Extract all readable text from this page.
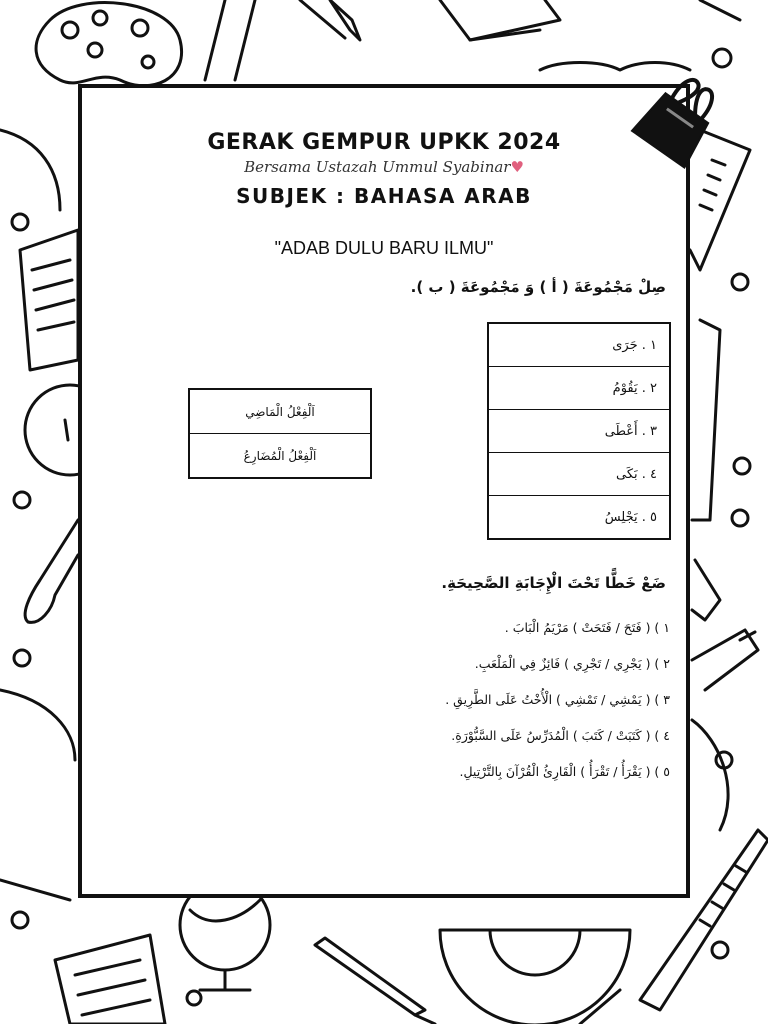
GERAK GEMPUR UPKK 2024
Bersama Ustazah Ummul Syabinar♥
SUBJEK : BAHASA ARAB
"ADAB DULU BARU ILMU"
صِلْ مَجْمُوعَةَ ( أ ) وَ مَجْمُوعَةَ ( ب ).
١ . جَرَى
٢ . يَقُوْمُ
٣ . أَعْطَى
٤ . بَكَى
٥ . يَجْلِسُ
اَلْفِعْلُ الْمَاضِي
اَلْفِعْلُ الْمُضَارِعُ
ضَعْ خَطًّا تَحْتَ الْإِجَابَةِ الصَّحِيحَةِ.
١ ) ( فَتَحَ / فَتَحَتْ ) مَرْيَمُ الْبَابَ .
٢ ) ( يَجْرِي / تَجْرِي ) فَائِزٌ فِي الْمَلْعَبِ.
٣ ) ( يَمْشِي / تَمْشِي ) الْأُخْتُ عَلَى الطَّرِيقِ .
٤ ) ( كَتَبَتْ / كَتَبَ ) الْمُدَرِّسُ عَلَى السَّبُّوْرَةِ.
٥ ) ( يَقْرَأُ / تَقْرَأُ ) الْقَارِئُ الْقُرْآنَ بِالتَّرْتِيلِ.
